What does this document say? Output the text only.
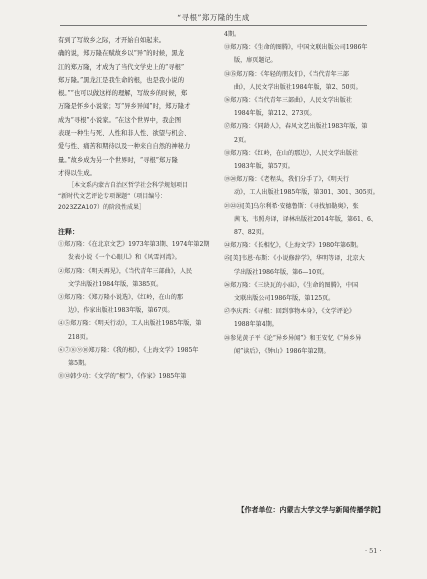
“寻根”郑万隆的生成

有到了写故乡之际，才开始自如起来。

确的说，郑万隆在赋故乡以“异”的时候，黑龙

江的郑万隆，才成为了当代文学史上的“寻根”

郑万隆。”黑龙江是我生命的根，也是我小说的

根。”“也可以做这样的理解，写故乡的时候，郑

万隆是怀乡小说家；写“异乡异闻”时，郑万隆才

成为“寻根”小说家。“在这个世界中，我企图

表现一种生与死、人性和非人性、欲望与机会、

爱与性、痛苦和期待以及一种来自自然的神秘力

量。”故乡成为另一个世界时，“寻根”郑万隆

才得以生成。

［本文系内蒙古自治区哲学社会科学规划项目
“新时代文艺评论专项课题”（项目编号：
2023ZZA107）的阶段性成果］
注释：
①郑万隆：《在北京文艺》1973年第3期、1974年第2期
发表小说《一个心眼儿》和《风雪河湾》。
②郑万隆：《明天再见》，《当代青年三部曲》，人民
文学出版社1984年版，第385页。
③郑万隆：《郑万隆小说选》，《红岭，在山的那
边》，作家出版社1983年版，第67页。
④⑤郑万隆：《明天行动》，工人出版社1985年版，第
218页。
⑥⑦⑧⑨⑩郑万隆：《我的根》，《上海文学》1985年
第5期。
⑪⑫韩少功：《文学的“根”》，《作家》1985年第
4期。
⑬郑万隆：《生命的图腾》，中国文联出版公司1986年
版，扉页题记。
⑭⑮郑万隆：《年轻的朋友们》，《当代青年三部
曲》，人民文学出版社1984年版，第2、50页。
⑯郑万隆：《当代青年三部曲》，人民文学出版社
1984年版，第212、273页。
⑰郑万隆：《同龄人》，春风文艺出版社1983年版，第
2页。
⑱郑万隆：《红岭，在山的那边》，人民文学出版社
1983年版，第57页。
⑲⑳郑万隆：《老程头，我们分手了》，《明天行
动》，工人出版社1985年版，第301、301、305页。
㉑㉒㉓[美]乌尔利希·安德鲁斯：《寻找加勒奥》，张
茜飞、韦照舟译，译林出版社2014年版，第61、6、
87、82页。
㉔郑万隆：《长相忆》，《上海文学》1980年第6期。
㉕[美]韦恩·布斯：《小说修辞学》，华明等译，北京大
学出版社1986年版，第6—10页。
㉖郑万隆：《三块瓦的小庙》，《生命的图腾》，中国
文联出版公司1986年版，第125页。
㉗李庆西：《寻根：回到事物本身》，《文学评论》
1988年第4期。
㉘参见黄子平《论“异乡异闻”》和王安忆《“异乡异
闻”读后》，《钟山》1986年第2期。
【作者单位：内蒙古大学文学与新闻传播学院】
· 51 ·
